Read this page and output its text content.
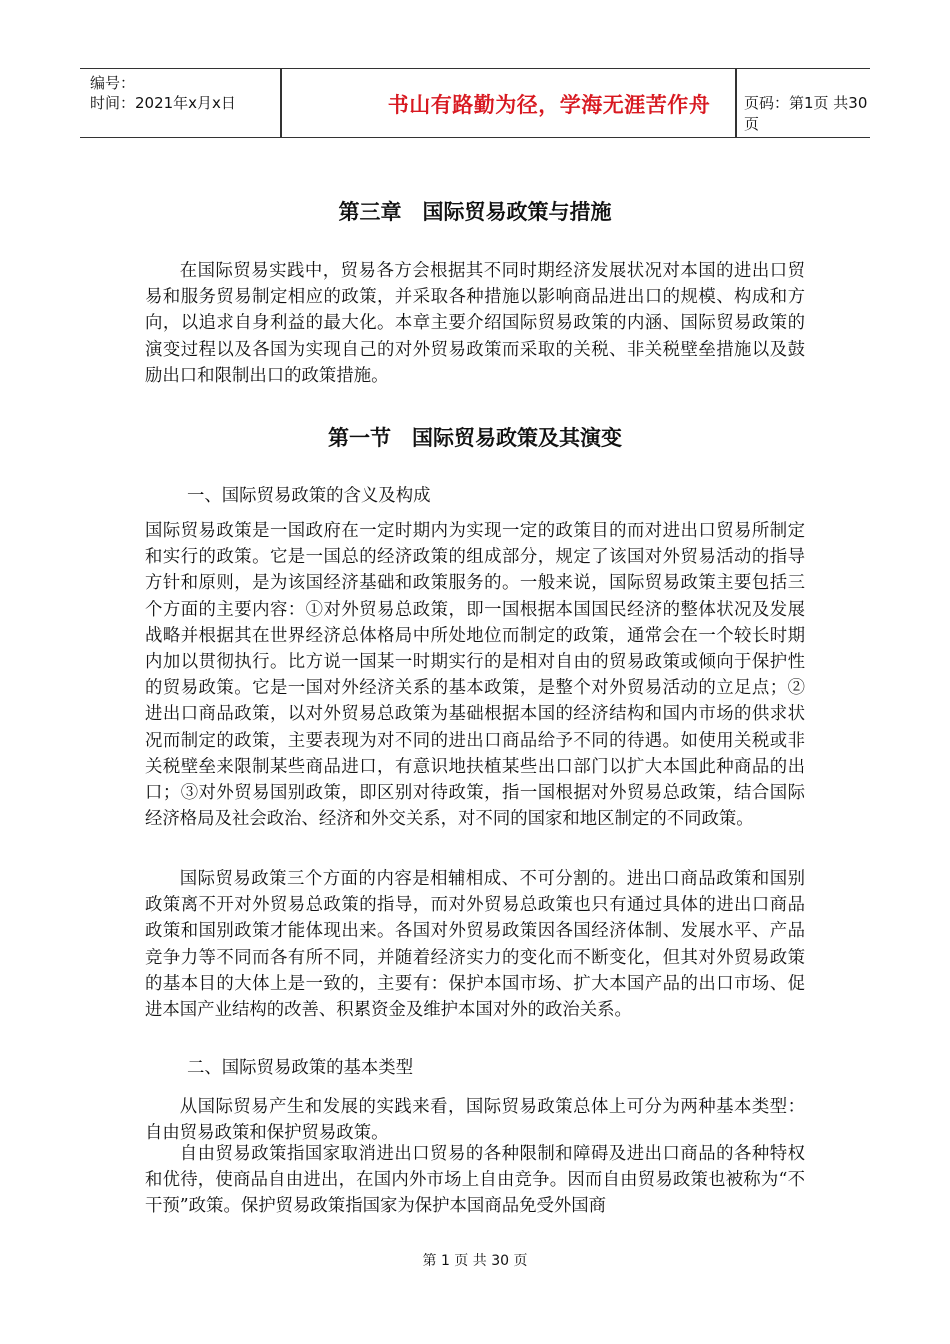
编号：
时间：2021年x月x日	书山有路勤为径，学海无涯苦作舟	页码：第1页 共30页
第三章　国际贸易政策与措施

在国际贸易实践中，贸易各方会根据其不同时期经济发展状况对本国的进出口贸易和服务贸易制定相应的政策，并采取各种措施以影响商品进出口的规模、构成和方向，以追求自身利益的最大化。本章主要介绍国际贸易政策的内涵、国际贸易政策的演变过程以及各国为实现自己的对外贸易政策而采取的关税、非关税壁垒措施以及鼓励出口和限制出口的政策措施。

第一节　国际贸易政策及其演变
一、国际贸易政策的含义及构成

国际贸易政策是一国政府在一定时期内为实现一定的政策目的而对进出口贸易所制定和实行的政策。它是一国总的经济政策的组成部分，规定了该国对外贸易活动的指导方针和原则，是为该国经济基础和政策服务的。一般来说，国际贸易政策主要包括三个方面的主要内容：①对外贸易总政策，即一国根据本国国民经济的整体状况及发展战略并根据其在世界经济总体格局中所处地位而制定的政策，通常会在一个较长时期内加以贯彻执行。比方说一国某一时期实行的是相对自由的贸易政策或倾向于保护性的贸易政策。它是一国对外经济关系的基本政策，是整个对外贸易活动的立足点；②进出口商品政策，以对外贸易总政策为基础根据本国的经济结构和国内市场的供求状况而制定的政策，主要表现为对不同的进出口商品给予不同的待遇。如使用关税或非关税壁垒来限制某些商品进口，有意识地扶植某些出口部门以扩大本国此种商品的出口；③对外贸易国别政策，即区别对待政策，指一国根据对外贸易总政策，结合国际经济格局及社会政治、经济和外交关系，对不同的国家和地区制定的不同政策。

国际贸易政策三个方面的内容是相辅相成、不可分割的。进出口商品政策和国别政策离不开对外贸易总政策的指导，而对外贸易总政策也只有通过具体的进出口商品政策和国别政策才能体现出来。各国对外贸易政策因各国经济体制、发展水平、产品竞争力等不同而各有所不同，并随着经济实力的变化而不断变化，但其对外贸易政策的基本目的大体上是一致的，主要有：保护本国市场、扩大本国产品的出口市场、促进本国产业结构的改善、积累资金及维护本国对外的政治关系。

二、国际贸易政策的基本类型

从国际贸易产生和发展的实践来看，国际贸易政策总体上可分为两种基本类型：自由贸易政策和保护贸易政策。

自由贸易政策指国家取消进出口贸易的各种限制和障碍及进出口商品的各种特权和优待，使商品自由进出，在国内外市场上自由竞争。因而自由贸易政策也被称为“不干预”政策。保护贸易政策指国家为保护本国商品免受外国商

第 1 页 共 30 页
